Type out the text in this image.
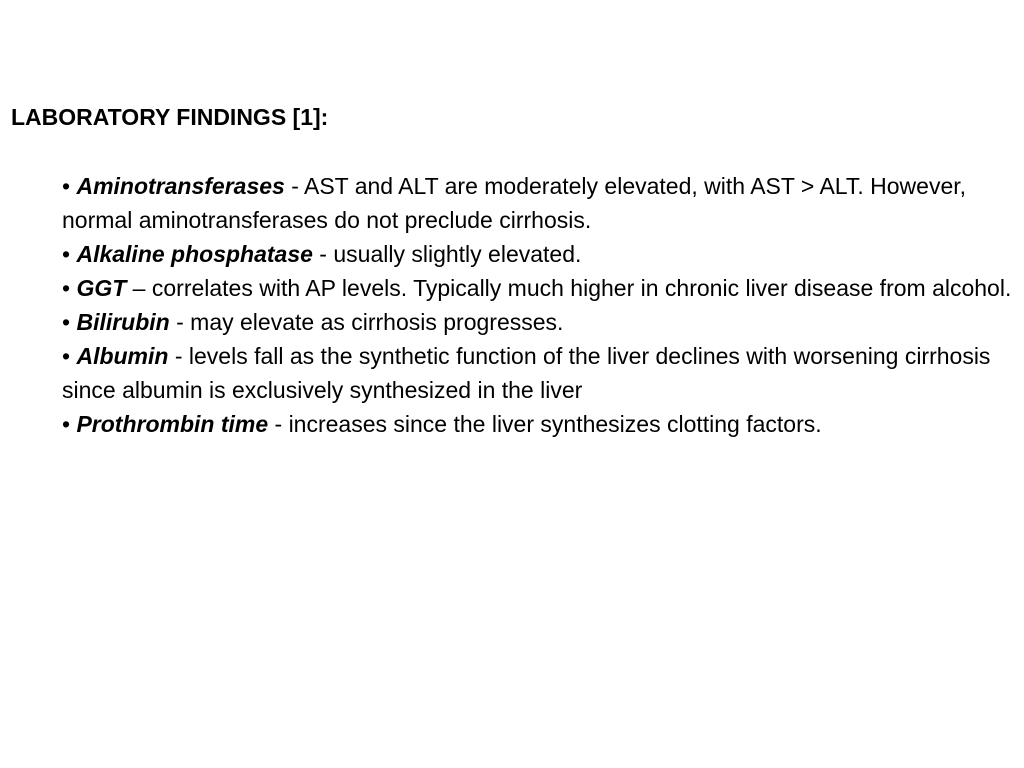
LABORATORY FINDINGS [1]:

• Aminotransferases - AST and ALT are moderately elevated, with AST > ALT. However, normal aminotransferases do not preclude cirrhosis.

• Alkaline phosphatase - usually slightly elevated.

• GGT – correlates with AP levels. Typically much higher in chronic liver disease from alcohol.

• Bilirubin - may elevate as cirrhosis progresses.

• Albumin - levels fall as the synthetic function of the liver declines with worsening cirrhosis since albumin is exclusively synthesized in the liver

• Prothrombin time - increases since the liver synthesizes clotting factors.
